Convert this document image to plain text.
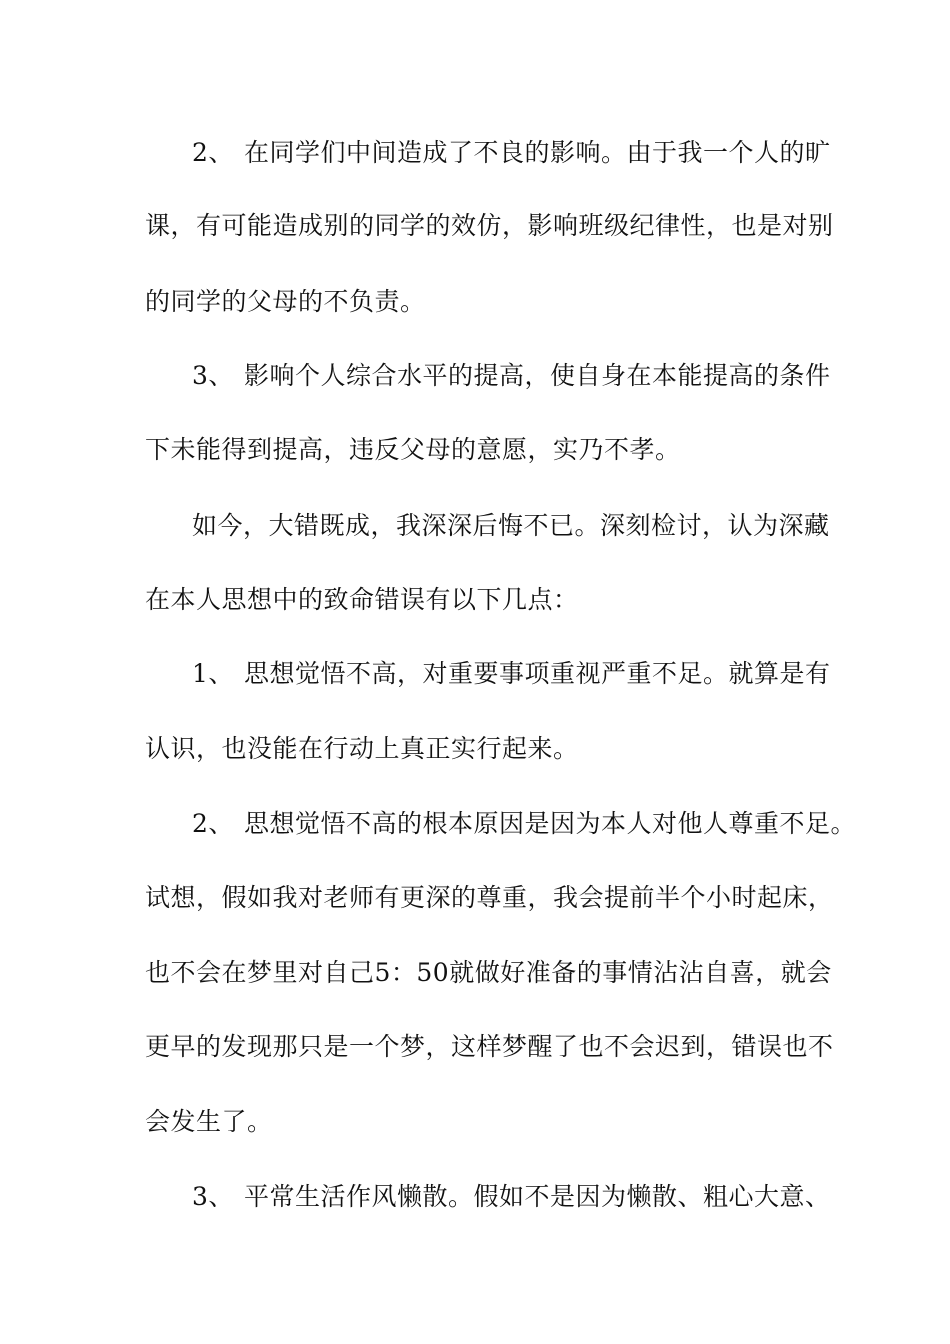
2、 在同学们中间造成了不良的影响。由于我一个人的旷
课，有可能造成别的同学的效仿，影响班级纪律性，也是对别
的同学的父母的不负责。
3、 影响个人综合水平的提高，使自身在本能提高的条件
下未能得到提高，违反父母的意愿，实乃不孝。
如今，大错既成，我深深后悔不已。深刻检讨，认为深藏
在本人思想中的致命错误有以下几点：
1、 思想觉悟不高，对重要事项重视严重不足。就算是有
认识，也没能在行动上真正实行起来。
2、 思想觉悟不高的根本原因是因为本人对他人尊重不足。
试想，假如我对老师有更深的尊重，我会提前半个小时起床，
也不会在梦里对自己5：50就做好准备的事情沾沾自喜，就会
更早的发现那只是一个梦，这样梦醒了也不会迟到，错误也不
会发生了。
3、 平常生活作风懒散。假如不是因为懒散、粗心大意、
